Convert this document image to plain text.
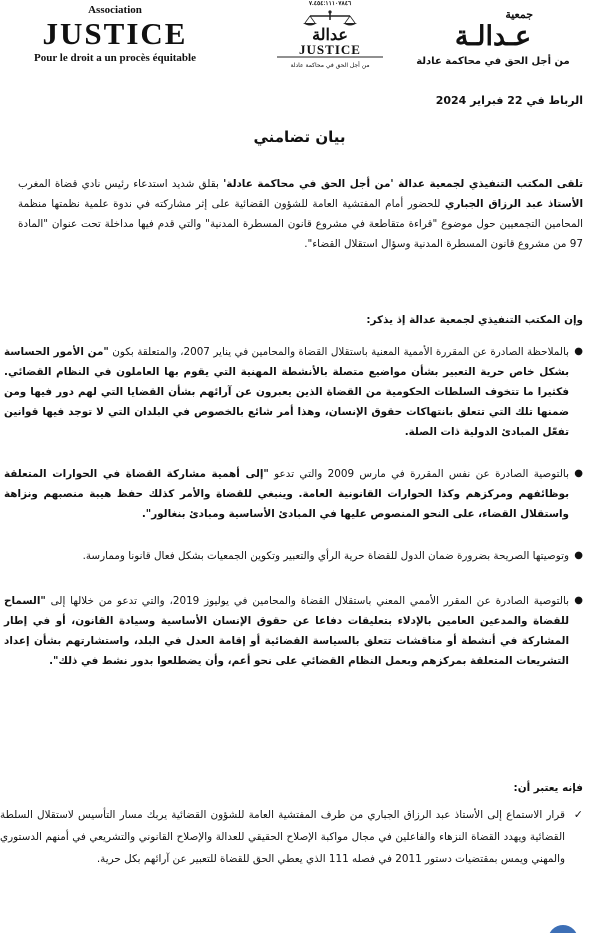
Association
JUSTICE
Pour le droit a un procès équitable
۷.٤٥٤:١١١٠٧٨٤٦
عدالة
JUSTICE
من أجل الحق في محاكمة عادلة
جمعية
عـدالـة
من أجل الحق في محاكمة عادلة
الرباط في 22 فبراير 2024
بيان تضامني
تلقى المكتب التنفيذي لجمعية عدالة 'من أجل الحق في محاكمة عادلة' بقلق شديد استدعاء رئيس نادي قضاة المغرب الأستاذ عبد الرزاق الجباري للحضور أمام المفتشية العامة للشؤون القضائية على إثر مشاركته في ندوة علمية نظمتها منظمة المحامين التجمعيين حول موضوع "قراءة متقاطعة في مشروع قانون المسطرة المدنية" والتي قدم فيها مداخلة تحت عنوان "المادة 97 من مشروع قانون المسطرة المدنية وسؤال استقلال القضاء".
وإن المكتب التنفيذي لجمعية عدالة إذ يذكر:
●
بالملاحظة الصادرة عن المقررة الأممية المعنية باستقلال القضاة والمحامين في يناير 2007، والمتعلقة بكون "من الأمور الحساسة بشكل خاص حرية التعبير بشأن مواضيع متصلة بالأنشطة المهنية التي يقوم بها العاملون في النظام القضائي. فكثيرا ما تتخوف السلطات الحكومية من القضاة الذين يعبرون عن آرائهم بشأن القضايا التي لهم دور فيها ومن ضمنها تلك التي تتعلق بانتهاكات حقوق الإنسان، وهذا أمر شائع بالخصوص في البلدان التي لا توجد فيها قوانين تفعّل المبادئ الدولية ذات الصلة.
●
بالتوصية الصادرة عن نفس المقررة في مارس 2009 والتي تدعو "إلى أهمية مشاركة القضاة في الحوارات المتعلقة بوظائفهم ومركزهم وكذا الحوارات القانونية العامة. وينبغي للقضاة والأمر كذلك حفظ هيبة منصبهم ونزاهة واستقلال القضاء، على النحو المنصوص عليها في المبادئ الأساسية ومبادئ بنغالور".
●
وتوصيتها الصريحة بضرورة ضمان الدول للقضاة حرية الرأي والتعبير وتكوين الجمعيات بشكل فعال قانونا وممارسة.
●
بالتوصية الصادرة عن المقرر الأممي المعني باستقلال القضاة والمحامين في يوليوز 2019، والتي تدعو من خلالها إلى "السماح للقضاة والمدعين العامين بالإدلاء بتعليقات دفاعا عن حقوق الإنسان الأساسية وسيادة القانون، أو في إطار المشاركة في أنشطة أو مناقشات تتعلق بالسياسة القضائية أو إقامة العدل في البلد، واستشارتهم بشأن إعداد التشريعات المتعلقة بمركزهم وبعمل النظام القضائي على نحو أعم، وأن يضطلعوا بدور نشط في ذلك".
فإنه يعتبر أن:
✓
قرار الاستماع إلى الأستاذ عبد الرزاق الجباري من طرف المفتشية العامة للشؤون القضائية يربك مسار التأسيس لاستقلال السلطة القضائية ويهدد القضاة النزهاء والفاعلين في مجال مواكبة الإصلاح الحقيقي للعدالة والإصلاح القانوني والتشريعي في أمنهم الدستوري والمهني ويمس بمقتضيات دستور 2011 في فصله 111 الذي يعطي الحق للقضاة للتعبير عن آرائهم بكل حرية.
